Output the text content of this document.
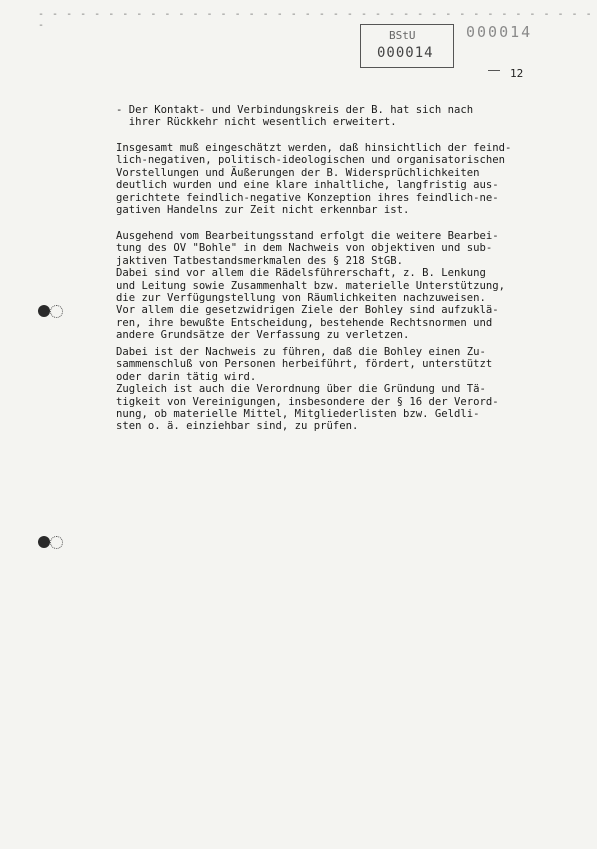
- - - - - - - - - - - - - - - - - - - - - - - - - - - - - - - - - - - - - - - - -
BStU
000014
000014
12
- Der Kontakt- und Verbindungskreis der B. hat sich nach
ihrer Rückkehr nicht wesentlich erweitert.
Insgesamt muß eingeschätzt werden, daß hinsichtlich der feind-
lich-negativen, politisch-ideologischen und organisatorischen
Vorstellungen und Äußerungen der B. Widersprüchlichkeiten
deutlich wurden und eine klare inhaltliche, langfristig aus-
gerichtete feindlich-negative Konzeption ihres feindlich-ne-
gativen Handelns zur Zeit nicht erkennbar ist.
Ausgehend vom Bearbeitungsstand erfolgt die weitere Bearbei-
tung des OV "Bohle" in dem Nachweis von objektiven und sub-
jaktiven Tatbestandsmerkmalen des § 218 StGB.
Dabei sind vor allem die Rädelsführerschaft, z. B. Lenkung
und Leitung sowie Zusammenhalt bzw. materielle Unterstützung,
die zur Verfügungstellung von Räumlichkeiten nachzuweisen.
Vor allem die gesetzwidrigen Ziele der Bohley sind aufzuklä-
ren, ihre bewußte Entscheidung, bestehende Rechtsnormen und
andere Grundsätze der Verfassung zu verletzen.
Dabei ist der Nachweis zu führen, daß die Bohley einen Zu-
sammenschluß von Personen herbeiführt, fördert, unterstützt
oder darin tätig wird.
Zugleich ist auch die Verordnung über die Gründung und Tä-
tigkeit von Vereinigungen, insbesondere der § 16 der Verord-
nung, ob materielle Mittel, Mitgliederlisten bzw. Geldli-
sten o. ä. einziehbar sind, zu prüfen.
